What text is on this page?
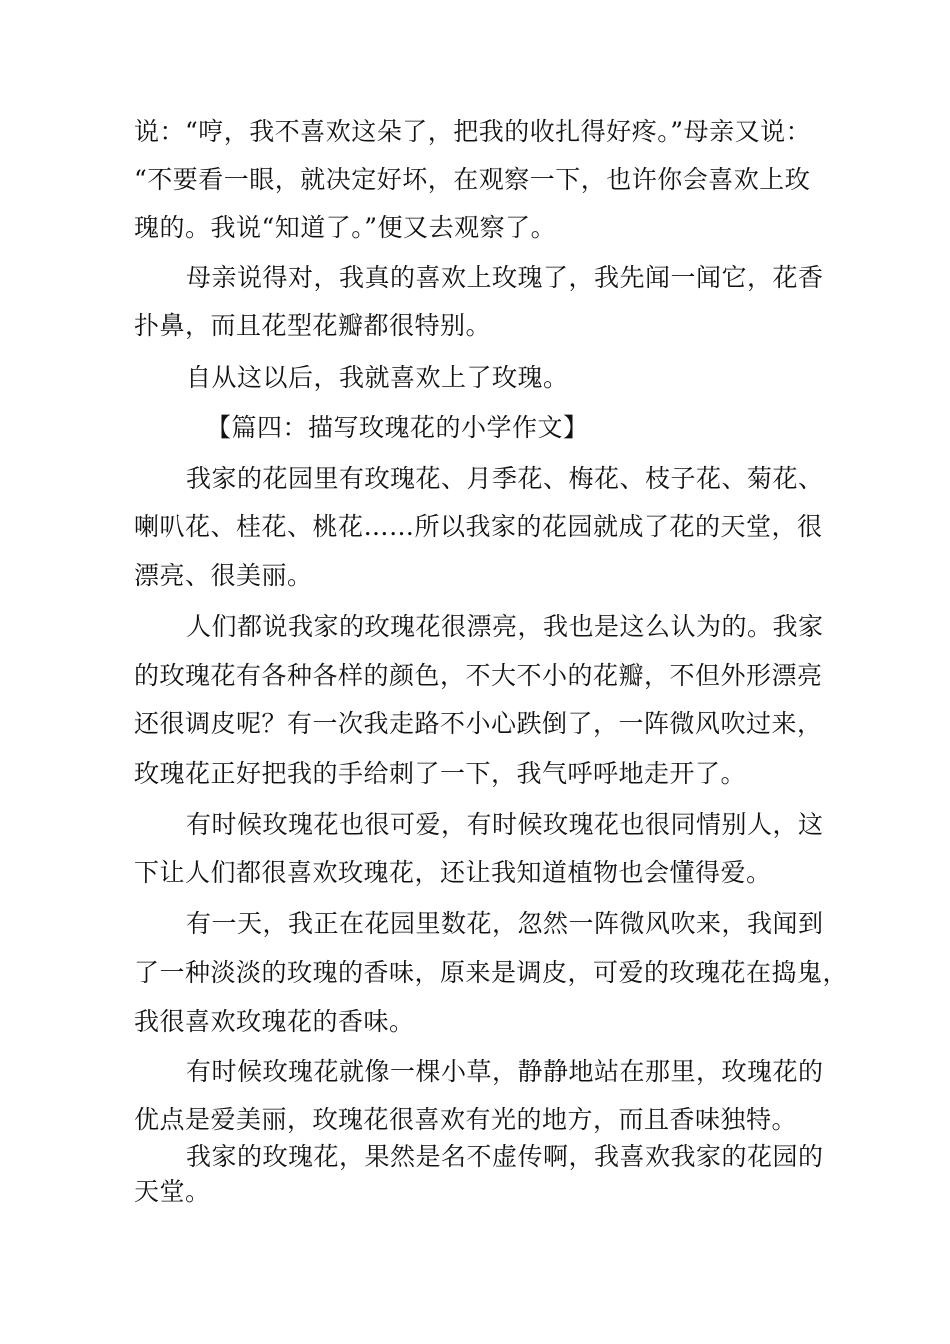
说：“哼，我不喜欢这朵了，把我的收扎得好疼。”母亲又说：
“不要看一眼，就决定好坏，在观察一下，也许你会喜欢上玫
瑰的。我说“知道了。”便又去观察了。
母亲说得对，我真的喜欢上玫瑰了，我先闻一闻它，花香
扑鼻，而且花型花瓣都很特别。
自从这以后，我就喜欢上了玫瑰。
【篇四：描写玫瑰花的小学作文】
我家的花园里有玫瑰花、月季花、梅花、枝子花、菊花、
喇叭花、桂花、桃花……所以我家的花园就成了花的天堂，很
漂亮、很美丽。
人们都说我家的玫瑰花很漂亮，我也是这么认为的。我家
的玫瑰花有各种各样的颜色，不大不小的花瓣，不但外形漂亮
还很调皮呢？有一次我走路不小心跌倒了，一阵微风吹过来，
玫瑰花正好把我的手给刺了一下，我气呼呼地走开了。
有时候玫瑰花也很可爱，有时候玫瑰花也很同情别人，这
下让人们都很喜欢玫瑰花，还让我知道植物也会懂得爱。
有一天，我正在花园里数花，忽然一阵微风吹来，我闻到
了一种淡淡的玫瑰的香味，原来是调皮，可爱的玫瑰花在捣鬼，
我很喜欢玫瑰花的香味。
有时候玫瑰花就像一棵小草，静静地站在那里，玫瑰花的
优点是爱美丽，玫瑰花很喜欢有光的地方，而且香味独特。
我家的玫瑰花，果然是名不虚传啊，我喜欢我家的花园的
天堂。
